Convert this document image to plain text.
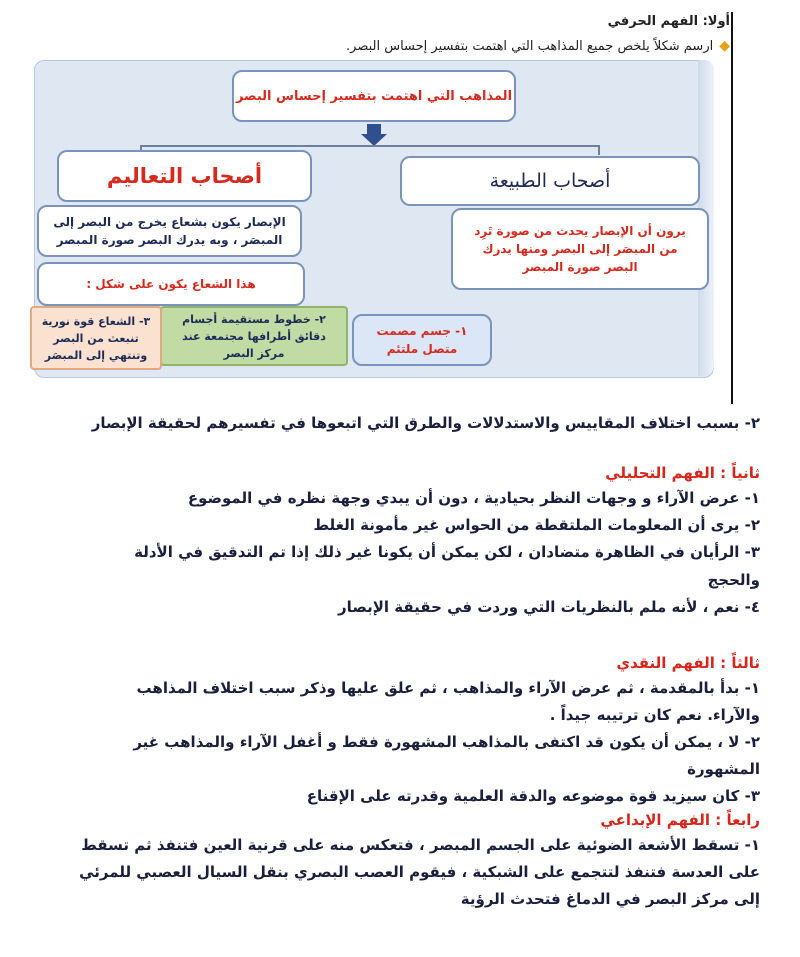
أولا: الفهم الحرفي
◆
ارسم شكلاً يلخص جميع المذاهب التي اهتمت بتفسير إحساس البصر.
المذاهب التي اهتمت بتفسير إحساس البصر
أصحاب التعاليم	أصحاب الطبيعة
الإبصار يكون بشعاع يخرج من البصر إلى المبصَر ، وبه يدرك البصر صورة المبصر
هذا الشعاع يكون على شكل :
يرون أن الإبصار يحدث من صورة تَرِد من المبصَر إلى البصر ومنها يدرك البصر صورة المبصر
١- جسم مصمت متصل ملتئم
٢- خطوط مستقيمة أجسام دقائق أطرافها مجتمعة عند مركز البصر
٣- الشعاع قوة نورية تنبعث من البصر وتنتهي إلى المبصَر
٢- بسبب اختلاف المقاييس والاستدلالات والطرق التي اتبعوها في تفسيرهم لحقيقة الإبصار
ثانياً : الفهم التحليلي
١- عرض الآراء و وجهات النظر بحيادية ، دون أن يبدي وجهة نظره في الموضوع
٢- يرى أن المعلومات الملتقطة من الحواس غير مأمونة الغلط
٣- الرأيان في الظاهرة متضادان ، لكن يمكن أن يكونا غير ذلك إذا تم التدقيق في الأدلة
والحجج
٤- نعم ، لأنه ملم بالنظريات التي وردت في حقيقة الإبصار
ثالثاً : الفهم النقدي
١- بدأ بالمقدمة ، ثم عرض الآراء والمذاهب ، ثم علق عليها وذكر سبب اختلاف المذاهب
والآراء. نعم كان ترتيبه جيداً .
٢- لا ، يمكن أن يكون قد اكتفى بالمذاهب المشهورة فقط و أغفل الآراء والمذاهب غير
المشهورة
٣- كان سيزيد قوة موضوعه والدقة العلمية وقدرته على الإقناع
رابعاً : الفهم الإبداعي
١- تسقط الأشعة الضوئية على الجسم المبصر ، فتعكس منه على قرنية العين فتنفذ ثم تسقط
على العدسة فتنفذ لتتجمع على الشبكية ، فيقوم العصب البصري بنقل السيال العصبي للمرئي
إلى مركز البصر في الدماغ فتحدث الرؤية
